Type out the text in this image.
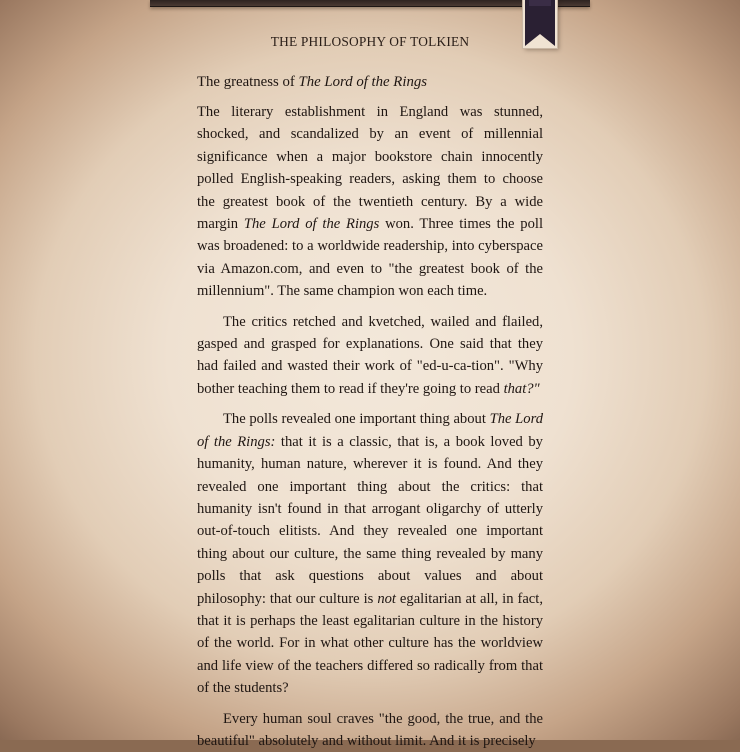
THE PHILOSOPHY OF TOLKIEN
The greatness of The Lord of the Rings

The literary establishment in England was stunned, shocked, and scandalized by an event of millennial significance when a major bookstore chain innocently polled English-speaking readers, asking them to choose the greatest book of the twentieth century. By a wide margin The Lord of the Rings won. Three times the poll was broadened: to a worldwide readership, into cyberspace via Amazon.com, and even to "the greatest book of the millennium". The same champion won each time.

The critics retched and kvetched, wailed and flailed, gasped and grasped for explanations. One said that they had failed and wasted their work of "ed-u-ca-tion". "Why bother teaching them to read if they're going to read that?"

The polls revealed one important thing about The Lord of the Rings: that it is a classic, that is, a book loved by humanity, human nature, wherever it is found. And they revealed one important thing about the critics: that humanity isn't found in that arrogant oligarchy of utterly out-of-touch elitists. And they revealed one important thing about our culture, the same thing revealed by many polls that ask questions about values and about philosophy: that our culture is not egalitarian at all, in fact, that it is perhaps the least egalitarian culture in the history of the world. For in what other culture has the worldview and life view of the teachers differed so radically from that of the students?

Every human soul craves "the good, the true, and the beautiful" absolutely and without limit. And it is precisely
